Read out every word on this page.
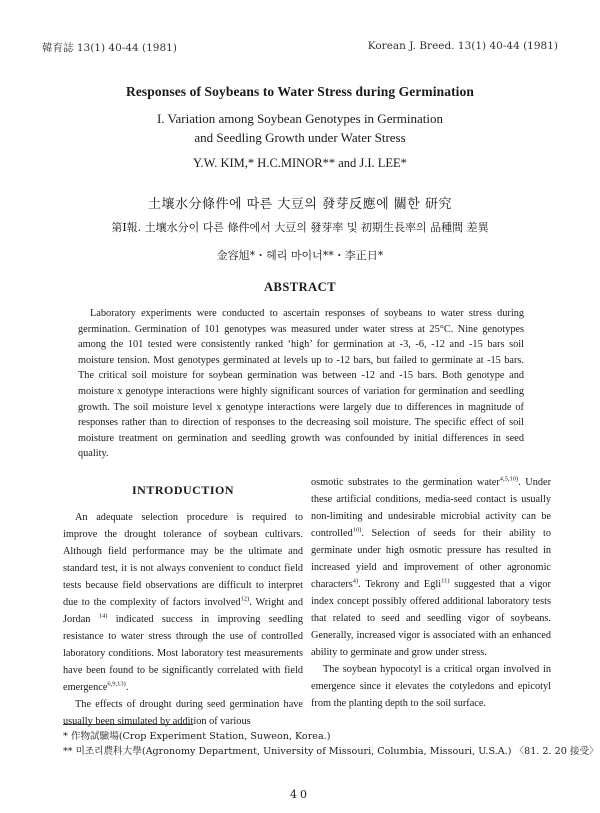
韓育誌 13(1) 40-44 (1981)	Korean J. Breed. 13(1) 40-44 (1981)
Responses of Soybeans to Water Stress during Germination
I. Variation among Soybean Genotypes in Germination
and Seedling Growth under Water Stress
Y.W. KIM,* H.C.MINOR** and J.I. LEE*
土壤水分條件에 따른 大豆의 發芽反應에 關한 研究
第Ⅰ報. 土壤水分이 다른 條件에서 大豆의 發芽率 및 初期生長率의 品種間 差異
金容旭*・헤리 마이너**・李正日*
ABSTRACT

Laboratory experiments were conducted to ascertain responses of soybeans to water stress during germination. Germination of 101 genotypes was measured under water stress at 25°C. Nine genotypes among the 101 tested were consistently ranked ‘high’ for germination at -3, -6, -12 and -15 bars soil moisture tension. Most genotypes germinated at levels up to -12 bars, but failed to germinate at -15 bars. The critical soil moisture for soybean germination was between -12 and -15 bars. Both genotype and moisture x genotype interactions were highly significant sources of variation for germination and seedling growth. The soil moisture level x genotype interactions were largely due to differences in magnitude of responses rather than to direction of responses to the decreasing soil moisture. The specific effect of soil moisture treatment on germination and seedling growth was confounded by initial differences in seed quality.

INTRODUCTION

An adequate selection procedure is required to improve the drought tolerance of soybean cultivars. Although field performance may be the ultimate and standard test, it is not always convenient to conduct field tests because field observations are difficult to interpret due to the complexity of factors involved$^{12)}$. Wright and Jordan $^{14)}$ indicated success in improving seedling resistance to water stress through the use of controlled laboratory conditions. Most laboratory test measurements have been found to be significantly correlated with field emergence$^{6,9,13)}$.

The effects of drought during seed germination have usually been simulated by addition of various

osmotic substrates to the germination water$^{4,5,10)}$. Under these artificial conditions, media-seed contact is usually non-limiting and undesirable microbial activity can be controlled$^{10)}$. Selection of seeds for their ability to germinate under high osmotic pressure has resulted in increased yield and improvement of other agronomic characters$^{4)}$. Tekrony and Egli$^{11)}$ suggested that a vigor index concept possibly offered additional laboratory tests that related to seed and seedling vigor of soybeans. Generally, increased vigor is associated with an enhanced ability to germinate and grow under stress.

The soybean hypocotyl is a critical organ involved in emergence since it elevates the cotyledons and epicotyl from the planting depth to the soil surface.

* 作物試驗場(Crop Experiment Station, Suweon, Korea.)

** 미조리農科大學(Agronomy Department, University of Missouri, Columbia, Missouri, U.S.A.) 〈81. 2. 20 接受〉

40
